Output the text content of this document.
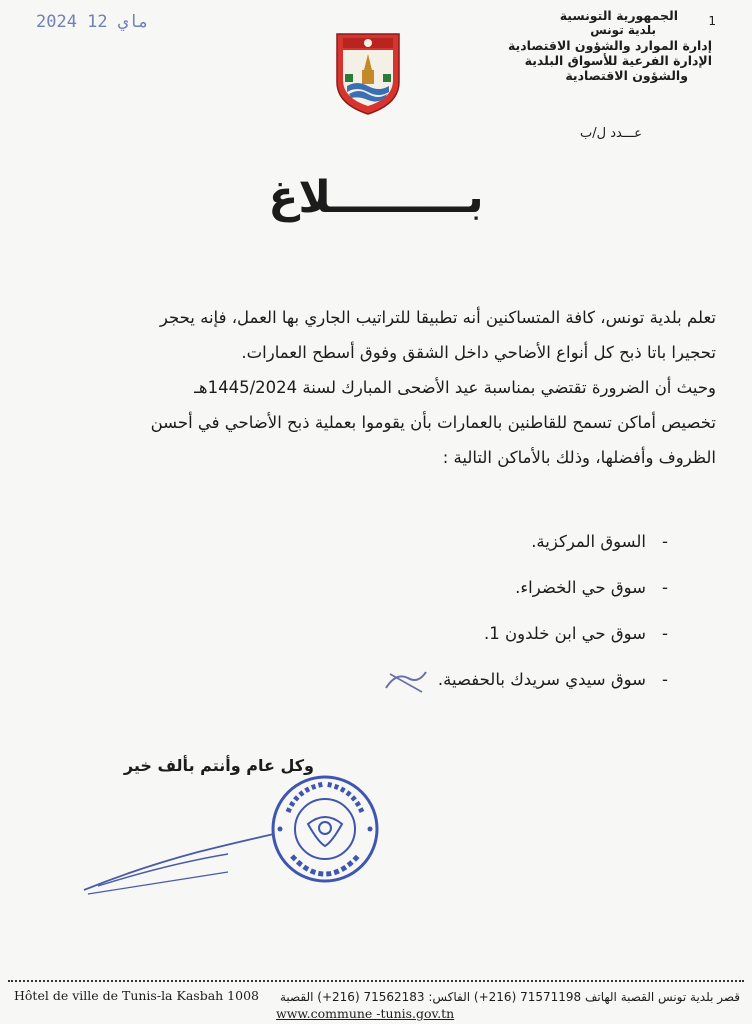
2024 12 ماي	1
الجمهورية التونسية
بلدية تونس
إدارة الموارد والشؤون الاقتصادية
الإدارة الفرعية للأسواق البلدية
والشؤون الاقتصادية
عـــدد ل/ب
بـــــــــلاغ

تعلم بلدية تونس، كافة المتساكنين أنه تطبيقا للتراتيب الجاري بها العمل، فإنه يحجر

تحجيرا باتا ذبح كل أنواع الأضاحي داخل الشقق وفوق أسطح العمارات.

وحيث أن الضرورة تقتضي بمناسبة عيد الأضحى المبارك لسنة 1445/2024هـ

تخصيص أماكن تسمح للقاطنين بالعمارات بأن يقوموا بعملية ذبح الأضاحي في أحسن

الظروف وأفضلها، وذلك بالأماكن التالية :

-السوق المركزية.
-سوق حي الخضراء.
-سوق حي ابن خلدون 1.
-سوق سيدي سريدك بالحفصية.
وكل عام وأنتم بألف خير
Hôtel de ville de Tunis-la Kasbah 1008 قصر بلدية تونس القصبة الهاتف 71571198 (216+) الفاكس: 71562183 (216+) القصبة
www.commune -tunis.gov.tn
